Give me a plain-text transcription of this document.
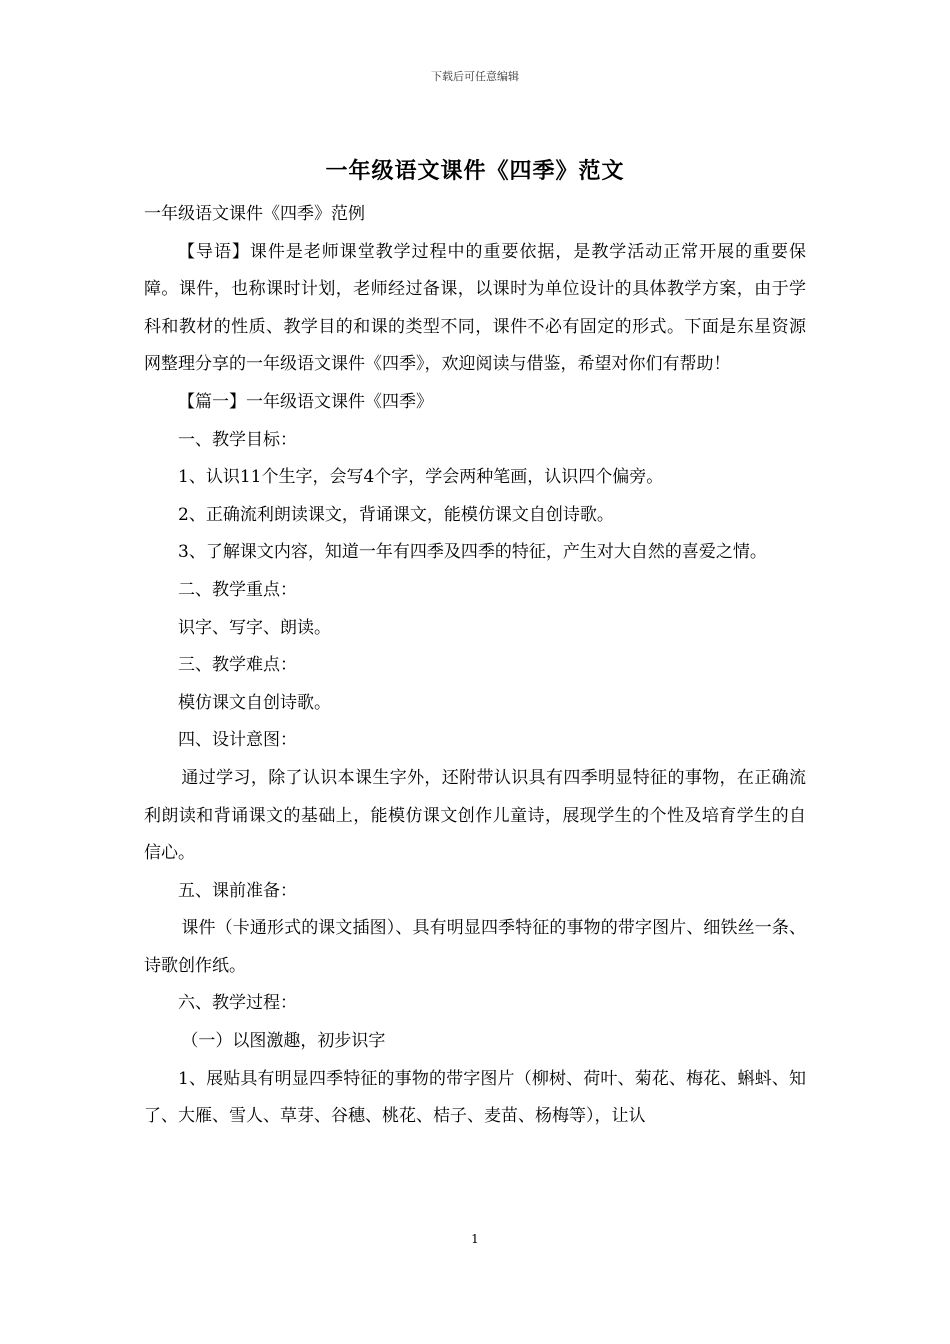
下载后可任意编辑
一年级语文课件《四季》范文

一年级语文课件《四季》范例

【导语】课件是老师课堂教学过程中的重要依据，是教学活动正常开展的重要保障。课件，也称课时计划，老师经过备课，以课时为单位设计的具体教学方案，由于学科和教材的性质、教学目的和课的类型不同，课件不必有固定的形式。下面是东星资源网整理分享的一年级语文课件《四季》，欢迎阅读与借鉴，希望对你们有帮助！

【篇一】一年级语文课件《四季》

一、教学目标：

1、认识11个生字，会写4个字，学会两种笔画，认识四个偏旁。

2、正确流利朗读课文，背诵课文，能模仿课文自创诗歌。

3、了解课文内容，知道一年有四季及四季的特征，产生对大自然的喜爱之情。

二、教学重点：

识字、写字、朗读。

三、教学难点：

模仿课文自创诗歌。

四、设计意图：

通过学习，除了认识本课生字外，还附带认识具有四季明显特征的事物，在正确流利朗读和背诵课文的基础上，能模仿课文创作儿童诗，展现学生的个性及培育学生的自信心。

五、课前准备：

课件（卡通形式的课文插图）、具有明显四季特征的事物的带字图片、细铁丝一条、诗歌创作纸。

六、教学过程：

（一）以图激趣，初步识字

1、展贴具有明显四季特征的事物的带字图片（柳树、荷叶、菊花、梅花、蝌蚪、知了、大雁、雪人、草芽、谷穗、桃花、桔子、麦苗、杨梅等），让认

1
